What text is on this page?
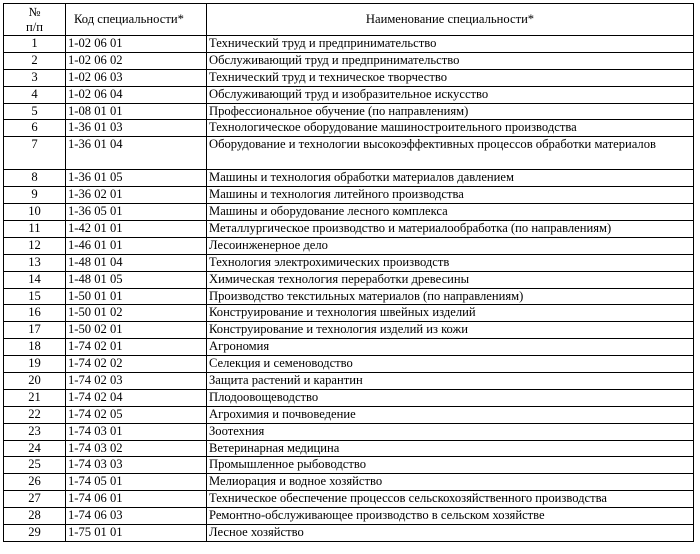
№
п/п	Код специальности*	Наименование специальности*
1	1-02 06 01	Технический труд и предпринимательство
2	1-02 06 02	Обслуживающий труд и предпринимательство
3	1-02 06 03	Технический труд и техническое творчество
4	1-02 06 04	Обслуживающий труд и изобразительное искусство
5	1-08 01 01	Профессиональное обучение (по направлениям)
6	1-36 01 03	Технологическое оборудование машиностроительного производства
7	1-36 01 04	Оборудование и технологии высокоэффективных процессов обработки материалов
8	1-36 01 05	Машины и технология обработки материалов давлением
9	1-36 02 01	Машины и технология литейного производства
10	1-36 05 01	Машины и оборудование лесного комплекса
11	1-42 01 01	Металлургическое производство и материалообработка (по направлениям)
12	1-46 01 01	Лесоинженерное дело
13	1-48 01 04	Технология электрохимических производств
14	1-48 01 05	Химическая технология переработки древесины
15	1-50 01 01	Производство текстильных материалов (по направлениям)
16	1-50 01 02	Конструирование и технология швейных изделий
17	1-50 02 01	Конструирование и технология изделий из кожи
18	1-74 02 01	Агрономия
19	1-74 02 02	Селекция и семеноводство
20	1-74 02 03	Защита растений и карантин
21	1-74 02 04	Плодоовощеводство
22	1-74 02 05	Агрохимия и почвоведение
23	1-74 03 01	Зоотехния
24	1-74 03 02	Ветеринарная медицина
25	1-74 03 03	Промышленное рыбоводство
26	1-74 05 01	Мелиорация и водное хозяйство
27	1-74 06 01	Техническое обеспечение процессов сельскохозяйственного производства
28	1-74 06 03	Ремонтно-обслуживающее производство в сельском хозяйстве
29	1-75 01 01	Лесное хозяйство
